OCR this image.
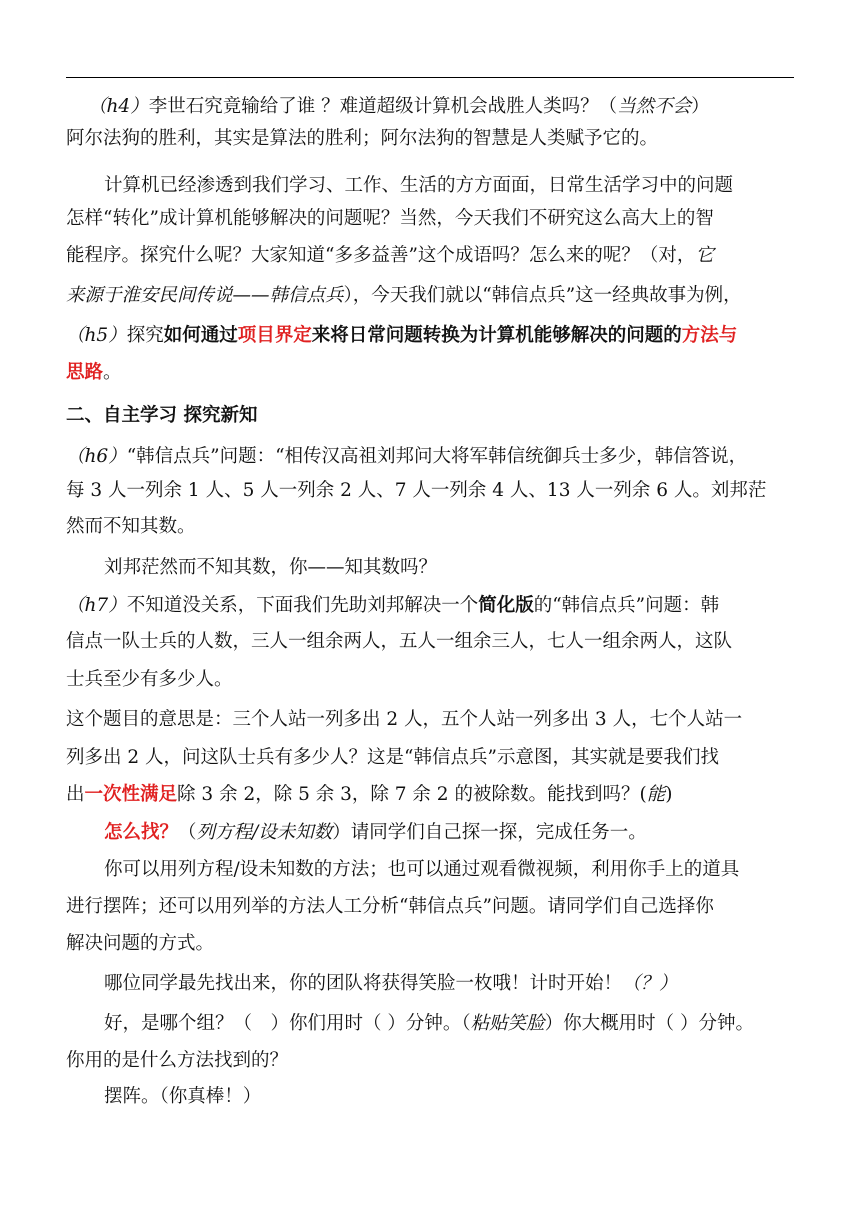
（h4）李世石究竟输给了谁 ？难道超级计算机会战胜人类吗？（当然不会）
阿尔法狗的胜利，其实是算法的胜利；阿尔法狗的智慧是人类赋予它的。
计算机已经渗透到我们学习、工作、生活的方方面面，日常生活学习中的问题
怎样“转化”成计算机能够解决的问题呢？当然，今天我们不研究这么高大上的智
能程序。探究什么呢？大家知道“多多益善”这个成语吗？怎么来的呢？（对，它
来源于淮安民间传说——韩信点兵），今天我们就以“韩信点兵”这一经典故事为例，
（h5）探究如何通过项目界定来将日常问题转换为计算机能够解决的问题的方法与
思路。
二、自主学习 探究新知
（h6）“韩信点兵”问题：“相传汉高祖刘邦问大将军韩信统御兵士多少，韩信答说，
每 3 人一列余 1 人、5 人一列余 2 人、7 人一列余 4 人、13 人一列余 6 人。刘邦茫
然而不知其数。
刘邦茫然而不知其数，你——知其数吗？
（h7）不知道没关系，下面我们先助刘邦解决一个简化版的“韩信点兵”问题：韩
信点一队士兵的人数，三人一组余两人，五人一组余三人，七人一组余两人，这队
士兵至少有多少人。
这个题目的意思是：三个人站一列多出 2 人，五个人站一列多出 3 人，七个人站一
列多出 2 人，问这队士兵有多少人？这是“韩信点兵”示意图，其实就是要我们找
出一次性满足除 3 余 2，除 5 余 3，除 7 余 2 的被除数。能找到吗？(能)
怎么找？（列方程/设未知数）请同学们自己探一探，完成任务一。
你可以用列方程/设未知数的方法；也可以通过观看微视频，利用你手上的道具
进行摆阵；还可以用列举的方法人工分析“韩信点兵”问题。请同学们自己选择你
解决问题的方式。
哪位同学最先找出来，你的团队将获得笑脸一枚哦！计时开始！（？）
好，是哪个组？（　）你们用时（ ）分钟。（粘贴笑脸）你大概用时（ ）分钟。
你用的是什么方法找到的？
摆阵。（你真棒！）
